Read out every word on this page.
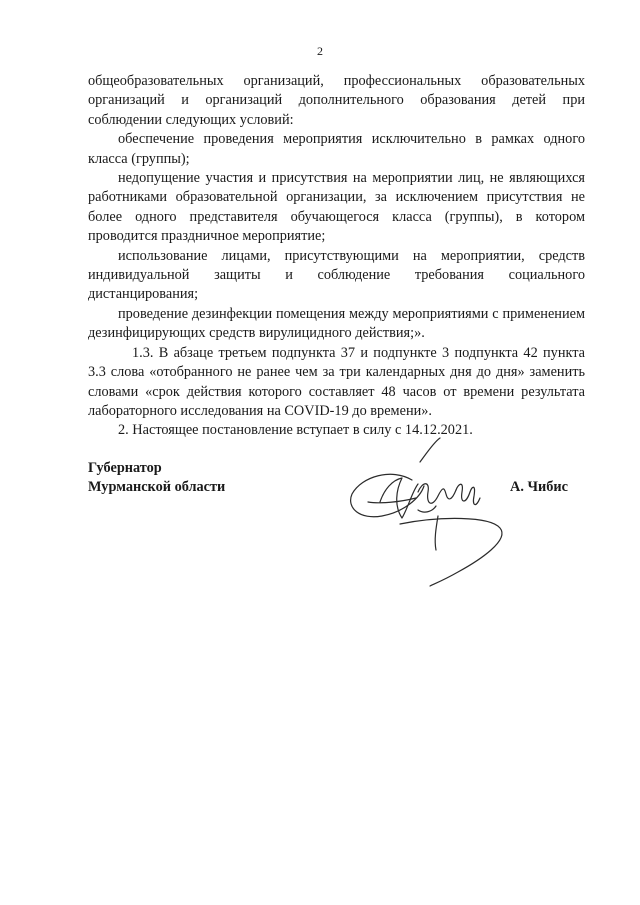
2

общеобразовательных организаций, профессиональных образовательных организаций и организаций дополнительного образования детей при соблюдении следующих условий:

обеспечение проведения мероприятия исключительно в рамках одного класса (группы);

недопущение участия и присутствия на мероприятии лиц, не являющихся работниками образовательной организации, за исключением присутствия не более одного представителя обучающегося класса (группы), в котором проводится праздничное мероприятие;

использование лицами, присутствующими на мероприятии, средств индивидуальной защиты и соблюдение требования социального дистанцирования;

проведение дезинфекции помещения между мероприятиями с применением дезинфицирующих средств вирулицидного действия;».

1.3. В абзаце третьем подпункта 37 и подпункте 3 подпункта 42 пункта 3.3 слова «отобранного не ранее чем за три календарных дня до дня» заменить словами «срок действия которого составляет 48 часов от времени результата лабораторного исследования на COVID-19 до времени».

2. Настоящее постановление вступает в силу с 14.12.2021.

Губернатор
Мурманской области	А. Чибис
